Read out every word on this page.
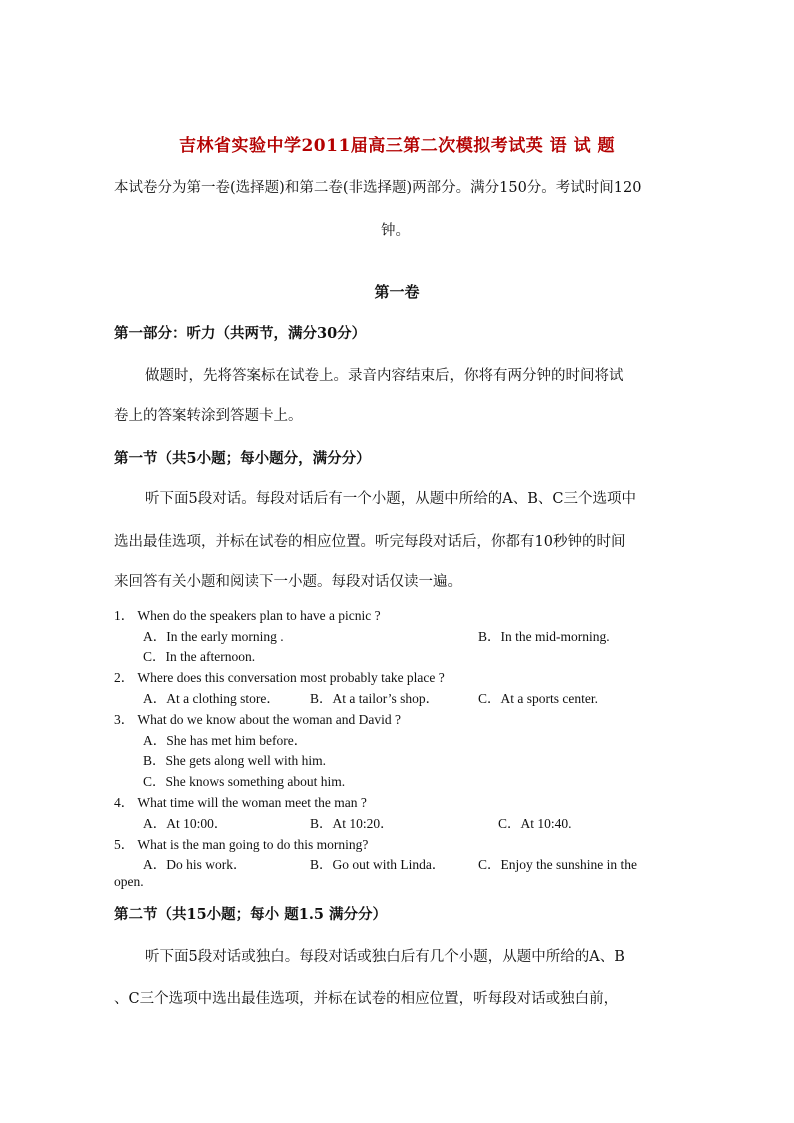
吉林省实验中学2011届高三第二次模拟考试英 语 试 题
本试卷分为第一卷(选择题)和第二卷(非选择题)两部分。满分150分。考试时间120
钟。
第一卷
第一部分：听力（共两节，满分30分）
做题时，先将答案标在试卷上。录音内容结束后，你将有两分钟的时间将试
卷上的答案转涂到答题卡上。
第一节（共5小题；每小题分，满分分）
听下面5段对话。每段对话后有一个小题，从题中所给的A、B、C三个选项中
选出最佳选项，并标在试卷的相应位置。听完每段对话后，你都有10秒钟的时间
来回答有关小题和阅读下一小题。每段对话仅读一遍。
1． When do the speakers plan to have a picnic ?
A．In the early morning .	B．In the mid-morning.
C．In the afternoon.
2． Where does this conversation most probably take place ?
A．At a clothing store． B．At a tailor’s shop．	C．At a sports center.
3． What do we know about the woman and David ?
A．She has met him before．
B．She gets along well with him.
C．She knows something about him.
4． What time will the woman meet the man ?
A．At 10:00．	B．At 10:20．	C．At 10:40.
5． What is the man going to do this morning?
A．Do his work．	B．Go out with Linda． C．Enjoy the sunshine in the
open.
第二节（共15小题；每小 题1.5 满分分）
听下面5段对话或独白。每段对话或独白后有几个小题，从题中所给的A、B
、C三个选项中选出最佳选项，并标在试卷的相应位置，听每段对话或独白前，
